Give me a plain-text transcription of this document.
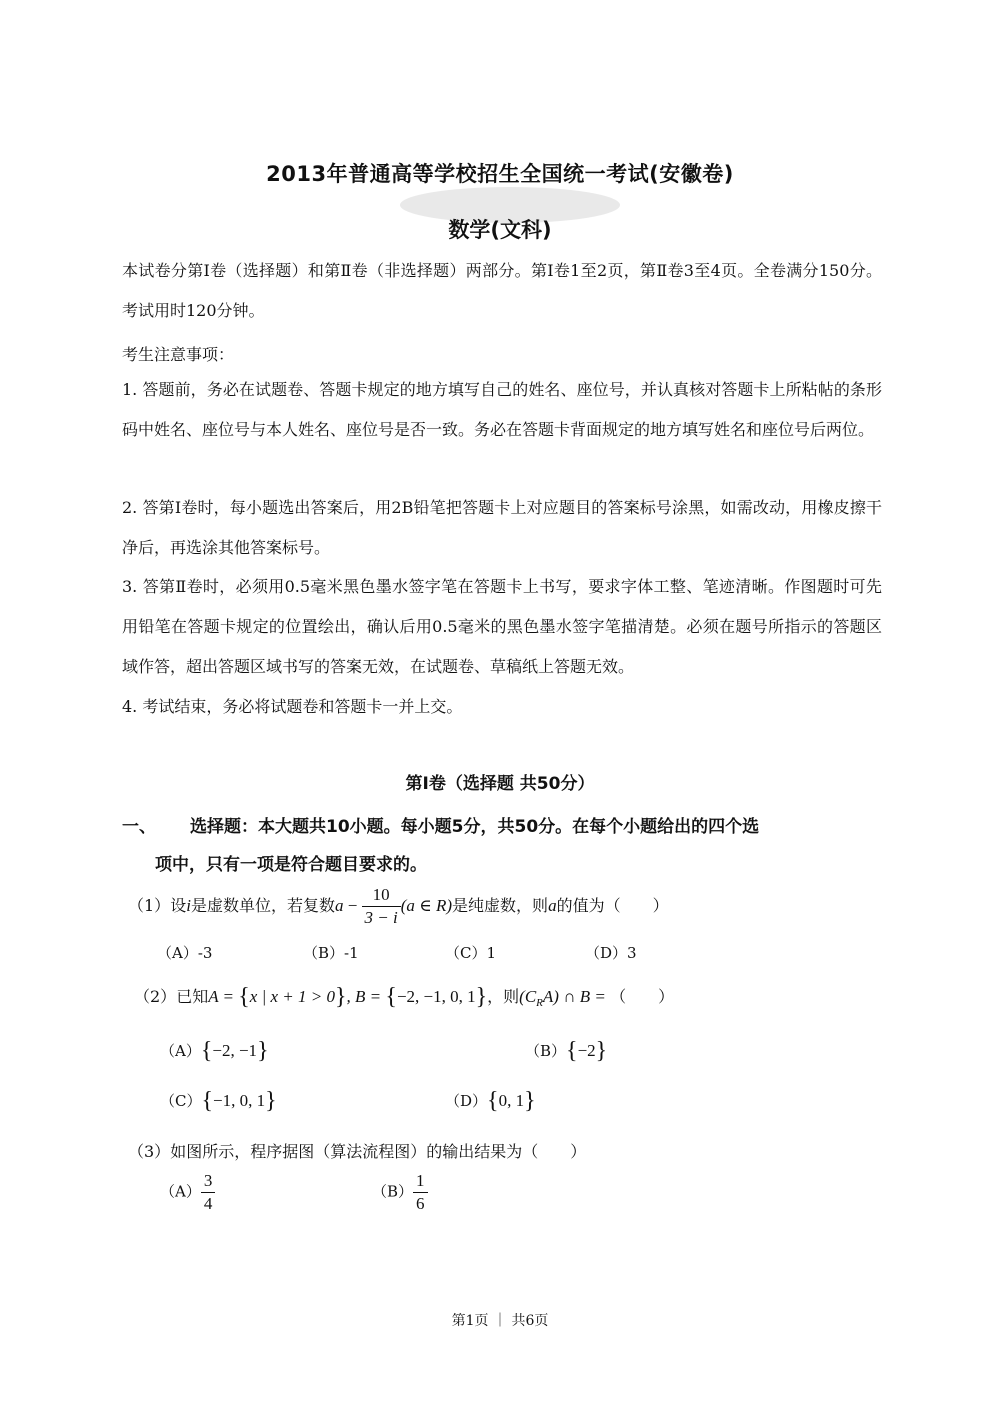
2013年普通高等学校招生全国统一考试(安徽卷)
数学(文科)
本试卷分第Ⅰ卷（选择题）和第Ⅱ卷（非选择题）两部分。第Ⅰ卷1至2页，第Ⅱ卷3至4页。全卷满分150分。考试用时120分钟。
考生注意事项：
1. 答题前，务必在试题卷、答题卡规定的地方填写自己的姓名、座位号，并认真核对答题卡上所粘帖的条形码中姓名、座位号与本人姓名、座位号是否一致。务必在答题卡背面规定的地方填写姓名和座位号后两位。
2. 答第Ⅰ卷时，每小题选出答案后，用2B铅笔把答题卡上对应题目的答案标号涂黑，如需改动，用橡皮擦干净后，再选涂其他答案标号。
3. 答第Ⅱ卷时，必须用0.5毫米黑色墨水签字笔在答题卡上书写，要求字体工整、笔迹清晰。作图题时可先用铅笔在答题卡规定的位置绘出，确认后用0.5毫米的黑色墨水签字笔描清楚。必须在题号所指示的答题区域作答，超出答题区域书写的答案无效，在试题卷、草稿纸上答题无效。
4. 考试结束，务必将试题卷和答题卡一并上交。
第Ⅰ卷（选择题 共50分）
一、 选择题：本大题共10小题。每小题5分，共50分。在每个小题给出的四个选
项中，只有一项是符合题目要求的。
（1）设i是虚数单位，若复数$a - \frac{10}{3 - i} (a$ ∈ R)是纯虚数，则a的值为（　　）
（A）-3	（B）-1	（C）1	（D）3
（2）已知A = {x | x + 1 > 0}, B = {−2, −1, 0, 1}，则$(C_RA)$ ∩ B = （　　）
（A）{−2, −1}	（B）{−2}
（C）{−1, 0, 1}	（D）{0, 1}
（3）如图所示，程序据图（算法流程图）的输出结果为（　　）
$(A) \frac{3}{4}$	$(B) \frac{1}{6}$
第1页 ｜ 共6页
